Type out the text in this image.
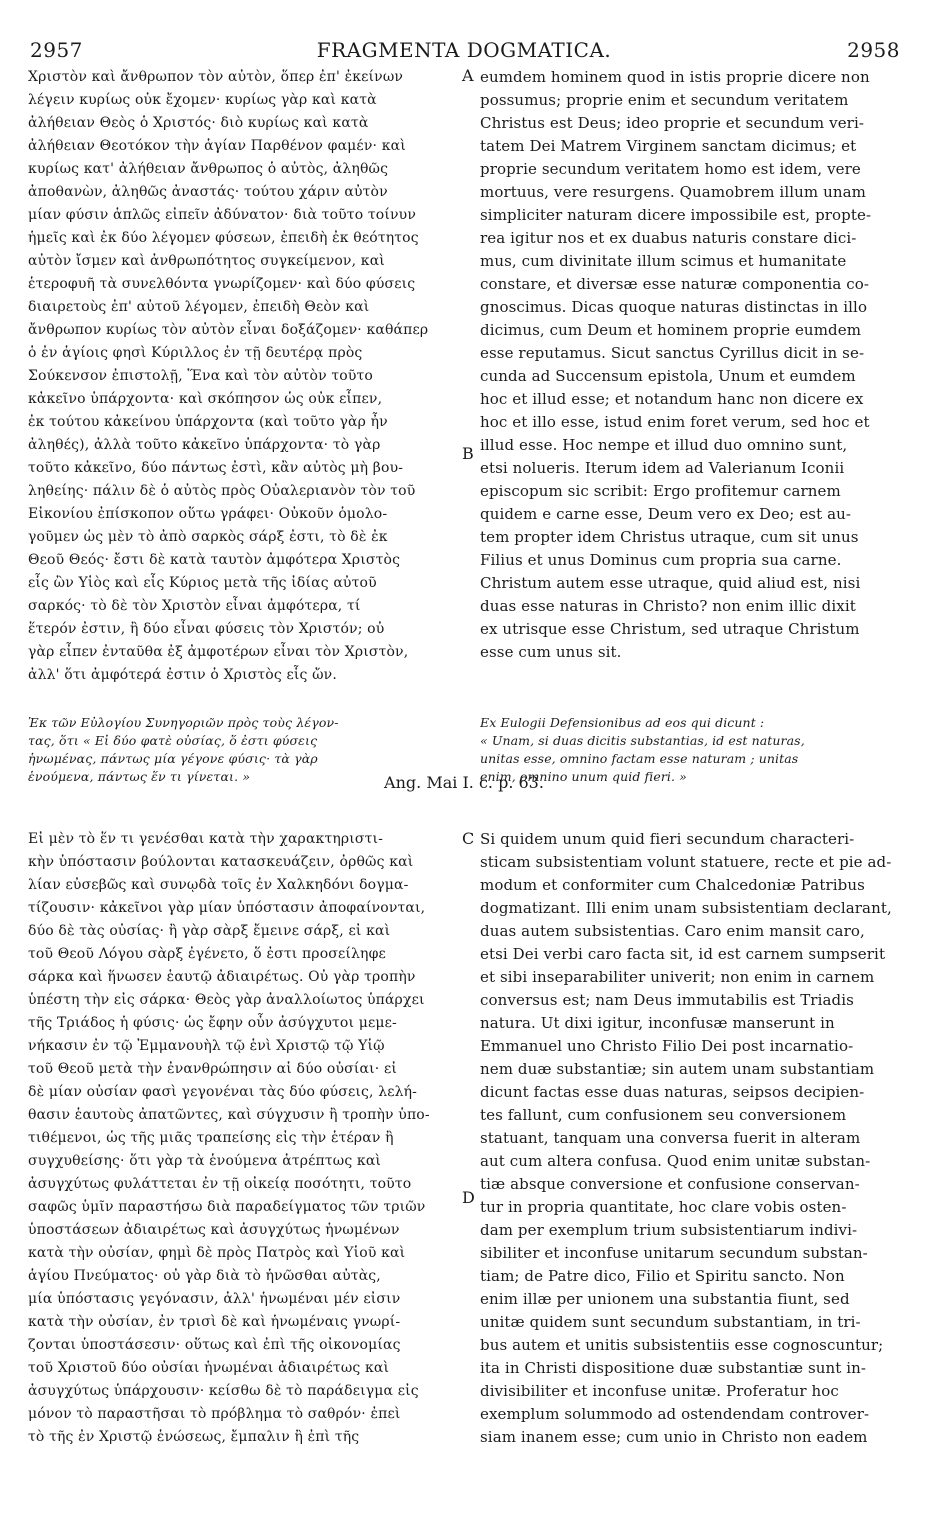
2957	FRAGMENTA DOGMATICA.	2958
Χριστὸν καὶ ἄνθρωπον τὸν αὐτὸν, ὅπερ ἐπ' ἐκείνων
λέγειν κυρίως οὐκ ἔχομεν· κυρίως γὰρ καὶ κατὰ
ἀλήθειαν Θεὸς ὁ Χριστός· διὸ κυρίως καὶ κατὰ
ἀλήθειαν Θεοτόκον τὴν ἁγίαν Παρθένον φαμέν· καὶ
κυρίως κατ' ἀλήθειαν ἄνθρωπος ὁ αὐτὸς, ἀληθῶς
ἀποθανὼν, ἀληθῶς ἀναστάς· τούτου χάριν αὐτὸν
μίαν φύσιν ἁπλῶς εἰπεῖν ἀδύνατον· διὰ τοῦτο τοίνυν
ἡμεῖς καὶ ἐκ δύο λέγομεν φύσεων, ἐπειδὴ ἐκ θεότητος
αὐτὸν ἴσμεν καὶ ἀνθρωπότητος συγκείμενον, καὶ
ἑτεροφυῆ τὰ συνελθόντα γνωρίζομεν· καὶ δύο φύσεις
διαιρετοὺς ἐπ' αὐτοῦ λέγομεν, ἐπειδὴ Θεὸν καὶ
ἄνθρωπον κυρίως τὸν αὐτὸν εἶναι δοξάζομεν· καθάπερ
ὁ ἐν ἁγίοις φησὶ Κύριλλος ἐν τῇ δευτέρᾳ πρὸς
Σούκενσον ἐπιστολῇ, Ἕνα καὶ τὸν αὐτὸν τοῦτο
κἀκεῖνο ὑπάρχοντα· καὶ σκόπησον ὡς οὐκ εἶπεν,
ἐκ τούτου κἀκείνου ὑπάρχοντα (καὶ τοῦτο γὰρ ἦν
ἀληθές), ἀλλὰ τοῦτο κἀκεῖνο ὑπάρχοντα· τὸ γὰρ
τοῦτο κἀκεῖνο, δύο πάντως ἐστὶ, κἂν αὐτὸς μὴ βου-
ληθείης· πάλιν δὲ ὁ αὐτὸς πρὸς Οὐαλεριανὸν τὸν τοῦ
Εἰκονίου ἐπίσκοπον οὕτω γράφει· Οὐκοῦν ὁμολο-
γοῦμεν ὡς μὲν τὸ ἀπὸ σαρκὸς σάρξ ἐστι, τὸ δὲ ἐκ
Θεοῦ Θεός· ἔστι δὲ κατὰ ταυτὸν ἀμφότερα Χριστὸς
εἷς ὢν Υἱὸς καὶ εἷς Κύριος μετὰ τῆς ἰδίας αὐτοῦ
σαρκός· τὸ δὲ τὸν Χριστὸν εἶναι ἀμφότερα, τί
ἕτερόν ἐστιν, ἢ δύο εἶναι φύσεις τὸν Χριστόν; οὐ
γὰρ εἶπεν ἐνταῦθα ἐξ ἀμφοτέρων εἶναι τὸν Χριστὸν,
ἀλλ' ὅτι ἀμφότερά ἐστιν ὁ Χριστὸς εἷς ὤν.
eumdem hominem quod in istis proprie dicere non
possumus; proprie enim et secundum veritatem
Christus est Deus; ideo proprie et secundum veri-
tatem Dei Matrem Virginem sanctam dicimus; et
proprie secundum veritatem homo est idem, vere
mortuus, vere resurgens. Quamobrem illum unam
simpliciter naturam dicere impossibile est, propte-
rea igitur nos et ex duabus naturis constare dici-
mus, cum divinitate illum scimus et humanitate
constare, et diversæ esse naturæ componentia co-
gnoscimus. Dicas quoque naturas distinctas in illo
dicimus, cum Deum et hominem proprie eumdem
esse reputamus. Sicut sanctus Cyrillus dicit in se-
cunda ad Succensum epistola, Unum et eumdem
hoc et illud esse; et notandum hanc non dicere ex
hoc et illo esse, istud enim foret verum, sed hoc et
illud esse. Hoc nempe et illud duo omnino sunt,
etsi nolueris. Iterum idem ad Valerianum Iconii
episcopum sic scribit: Ergo profitemur carnem
quidem e carne esse, Deum vero ex Deo; est au-
tem propter idem Christus utraque, cum sit unus
Filius et unus Dominus cum propria sua carne.
Christum autem esse utraque, quid aliud est, nisi
duas esse naturas in Christo? non enim illic dixit
ex utrisque esse Christum, sed utraque Christum
esse cum unus sit.
Ἐκ τῶν Εὐλογίου Συνηγοριῶν πρὸς τοὺς λέγον-
τας, ὅτι « Εἰ δύο φατὲ οὐσίας, ὅ ἐστι φύσεις
ἡνωμένας, πάντως μία γέγονε φύσις· τὰ γὰρ
ἑνούμενα, πάντως ἕν τι γίνεται. »
Ex Eulogii Defensionibus ad eos qui dicunt :
« Unam, si duas dicitis substantias, id est naturas,
unitas esse, omnino factam esse naturam ; unitas
enim, omnino unum quid fieri. »
Ang. Mai I. c. p. 63.
Εἰ μὲν τὸ ἕν τι γενέσθαι κατὰ τὴν χαρακτηριστι-
κὴν ὑπόστασιν βούλονται κατασκευάζειν, ὀρθῶς καὶ
λίαν εὐσεβῶς καὶ συνῳδὰ τοῖς ἐν Χαλκηδόνι δογμα-
τίζουσιν· κἀκεῖνοι γὰρ μίαν ὑπόστασιν ἀποφαίνονται,
δύο δὲ τὰς οὐσίας· ἢ γὰρ σὰρξ ἔμεινε σάρξ, εἰ καὶ
τοῦ Θεοῦ Λόγου σὰρξ ἐγένετο, ὅ ἐστι προσείληφε
σάρκα καὶ ἥνωσεν ἑαυτῷ ἀδιαιρέτως. Οὐ γὰρ τροπὴν
ὑπέστη τὴν εἰς σάρκα· Θεὸς γὰρ ἀναλλοίωτος ὑπάρχει
τῆς Τριάδος ἡ φύσις· ὡς ἔφην οὖν ἀσύγχυτοι μεμε-
νήκασιν ἐν τῷ Ἐμμανουὴλ τῷ ἑνὶ Χριστῷ τῷ Υἱῷ
τοῦ Θεοῦ μετὰ τὴν ἐνανθρώπησιν αἱ δύο οὐσίαι· εἰ
δὲ μίαν οὐσίαν φασὶ γεγονέναι τὰς δύο φύσεις, λελή-
θασιν ἑαυτοὺς ἀπατῶντες, καὶ σύγχυσιν ἢ τροπὴν ὑπο-
τιθέμενοι, ὡς τῆς μιᾶς τραπείσης εἰς τὴν ἑτέραν ἢ
συγχυθείσης· ὅτι γὰρ τὰ ἑνούμενα ἀτρέπτως καὶ
ἀσυγχύτως φυλάττεται ἐν τῇ οἰκείᾳ ποσότητι, τοῦτο
σαφῶς ὑμῖν παραστήσω διὰ παραδείγματος τῶν τριῶν
ὑποστάσεων ἀδιαιρέτως καὶ ἀσυγχύτως ἡνωμένων
κατὰ τὴν οὐσίαν, φημὶ δὲ πρὸς Πατρὸς καὶ Υἱοῦ καὶ
ἁγίου Πνεύματος· οὐ γὰρ διὰ τὸ ἡνῶσθαι αὐτὰς,
μία ὑπόστασις γεγόνασιν, ἀλλ' ἡνωμέναι μέν εἰσιν
κατὰ τὴν οὐσίαν, ἐν τρισὶ δὲ καὶ ἡνωμέναις γνωρί-
ζονται ὑποστάσεσιν· οὕτως καὶ ἐπὶ τῆς οἰκονομίας
τοῦ Χριστοῦ δύο οὐσίαι ἡνωμέναι ἀδιαιρέτως καὶ
ἀσυγχύτως ὑπάρχουσιν· κείσθω δὲ τὸ παράδειγμα εἰς
μόνον τὸ παραστῆσαι τὸ πρόβλημα τὸ σαθρόν· ἐπεὶ
τὸ τῆς ἐν Χριστῷ ἑνώσεως, ἔμπαλιν ἢ ἐπὶ τῆς
Si quidem unum quid fieri secundum characteri-
sticam subsistentiam volunt statuere, recte et pie ad-
modum et conformiter cum Chalcedoniæ Patribus
dogmatizant. Illi enim unam subsistentiam declarant,
duas autem subsistentias. Caro enim mansit caro,
etsi Dei verbi caro facta sit, id est carnem sumpserit
et sibi inseparabiliter univerit; non enim in carnem
conversus est; nam Deus immutabilis est Triadis
natura. Ut dixi igitur, inconfusæ manserunt in
Emmanuel uno Christo Filio Dei post incarnatio-
nem duæ substantiæ; sin autem unam substantiam
dicunt factas esse duas naturas, seipsos decipien-
tes fallunt, cum confusionem seu conversionem
statuant, tanquam una conversa fuerit in alteram
aut cum altera confusa. Quod enim unitæ substan-
tiæ absque conversione et confusione conservan-
tur in propria quantitate, hoc clare vobis osten-
dam per exemplum trium subsistentiarum indivi-
sibiliter et inconfuse unitarum secundum substan-
tiam; de Patre dico, Filio et Spiritu sancto. Non
enim illæ per unionem una substantia fiunt, sed
unitæ quidem sunt secundum substantiam, in tri-
bus autem et unitis subsistentiis esse cognoscuntur;
ita in Christi dispositione duæ substantiæ sunt in-
divisibiliter et inconfuse unitæ. Proferatur hoc
exemplum solummodo ad ostendendam controver-
siam inanem esse; cum unio in Christo non eadem
A
B
C
D
